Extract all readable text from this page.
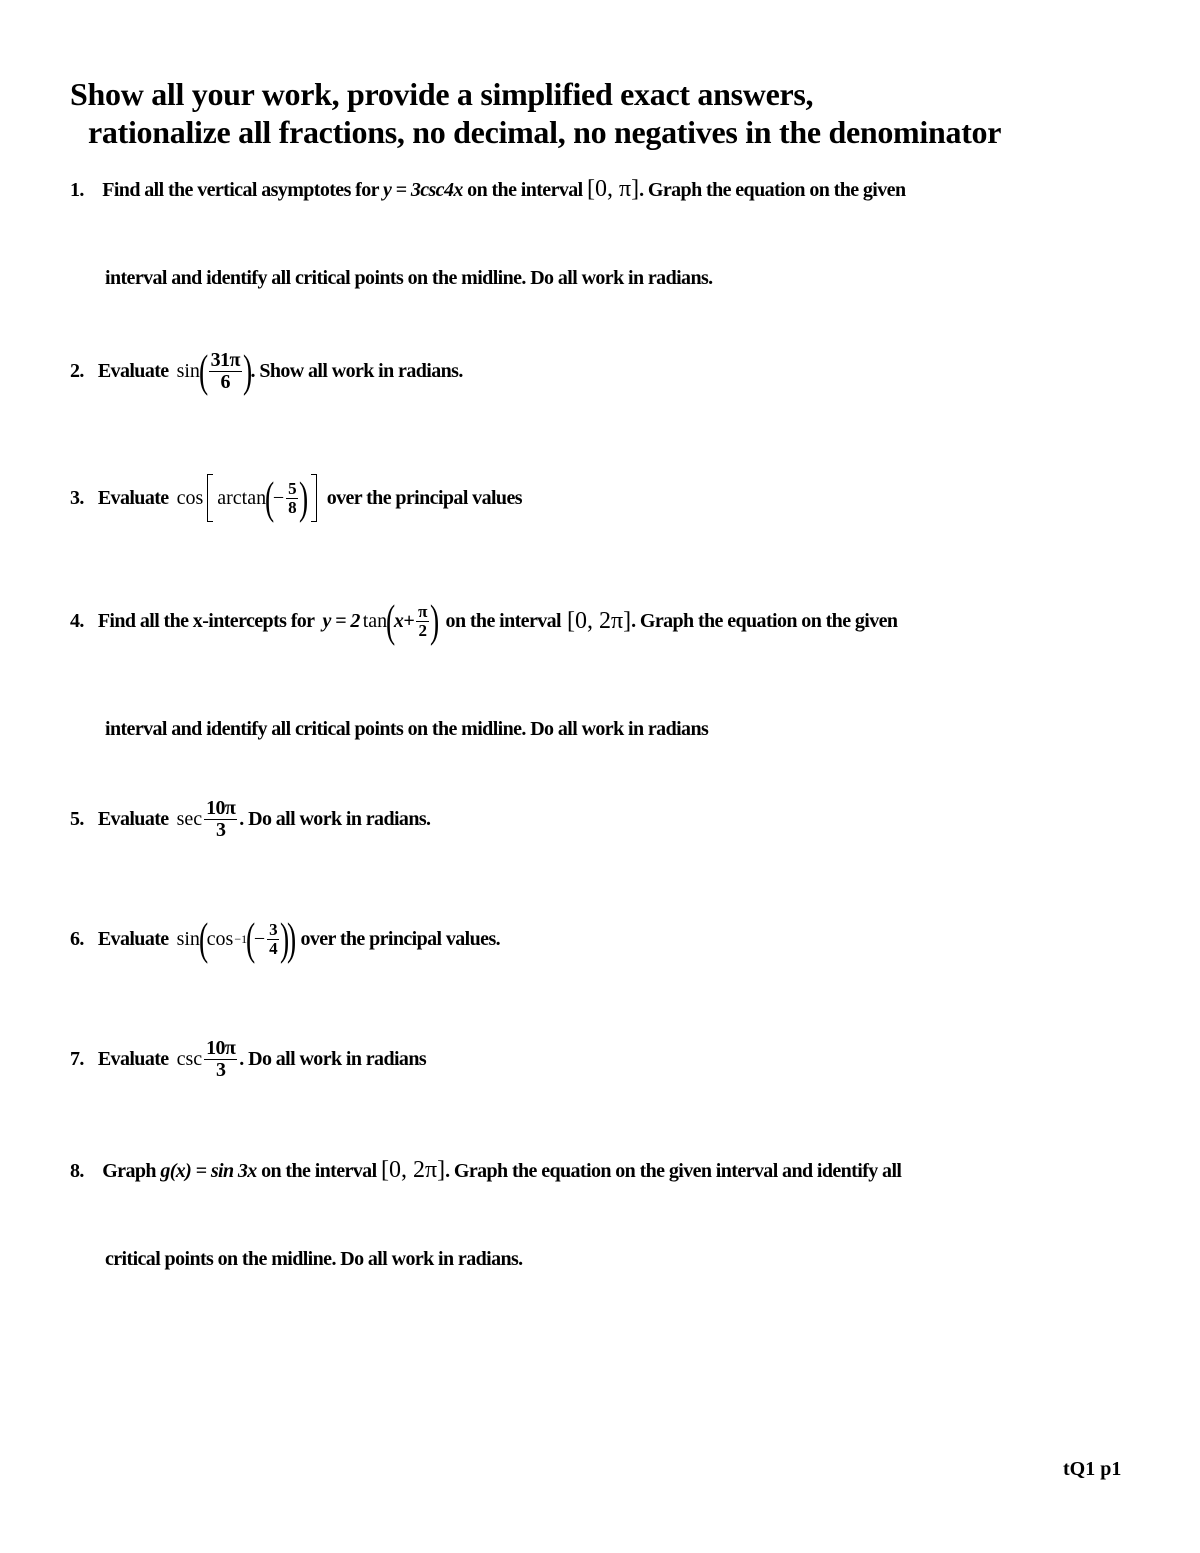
Show all your work, provide a simplified exact answers,
rationalize all fractions, no decimal, no negatives in the denominator
1. Find all the vertical asymptotes for y = 3csc4x on the interval [0, π]. Graph the equation on the given
interval and identify all critical points on the midline. Do all work in radians.
2. Evaluate sin
( $\frac{31\pi}{6}$ )
. Show all work in radians.
3. Evaluate cos arctan
(
− $\frac{5}{8}$ ) over the principal values
4. Find all the x-intercepts for y = 2 tan
(
$x+ \frac{\pi}{2}$ ) on the interval [0, 2π] . Graph the equation on the given
interval and identify all critical points on the midline. Do all work in radians
5. Evaluate $\sec \frac{10\pi}{3}$ . Do all work in radians.
6. Evaluate sin
(
cos −1
(
− $\frac{3}{4}$ )
) over the principal values.
7. Evaluate $\csc \frac{10\pi}{3}$ . Do all work in radians
8. Graph g(x) = sin 3x on the interval [0, 2π]. Graph the equation on the given interval and identify all
critical points on the midline. Do all work in radians.
tQ1 p1
